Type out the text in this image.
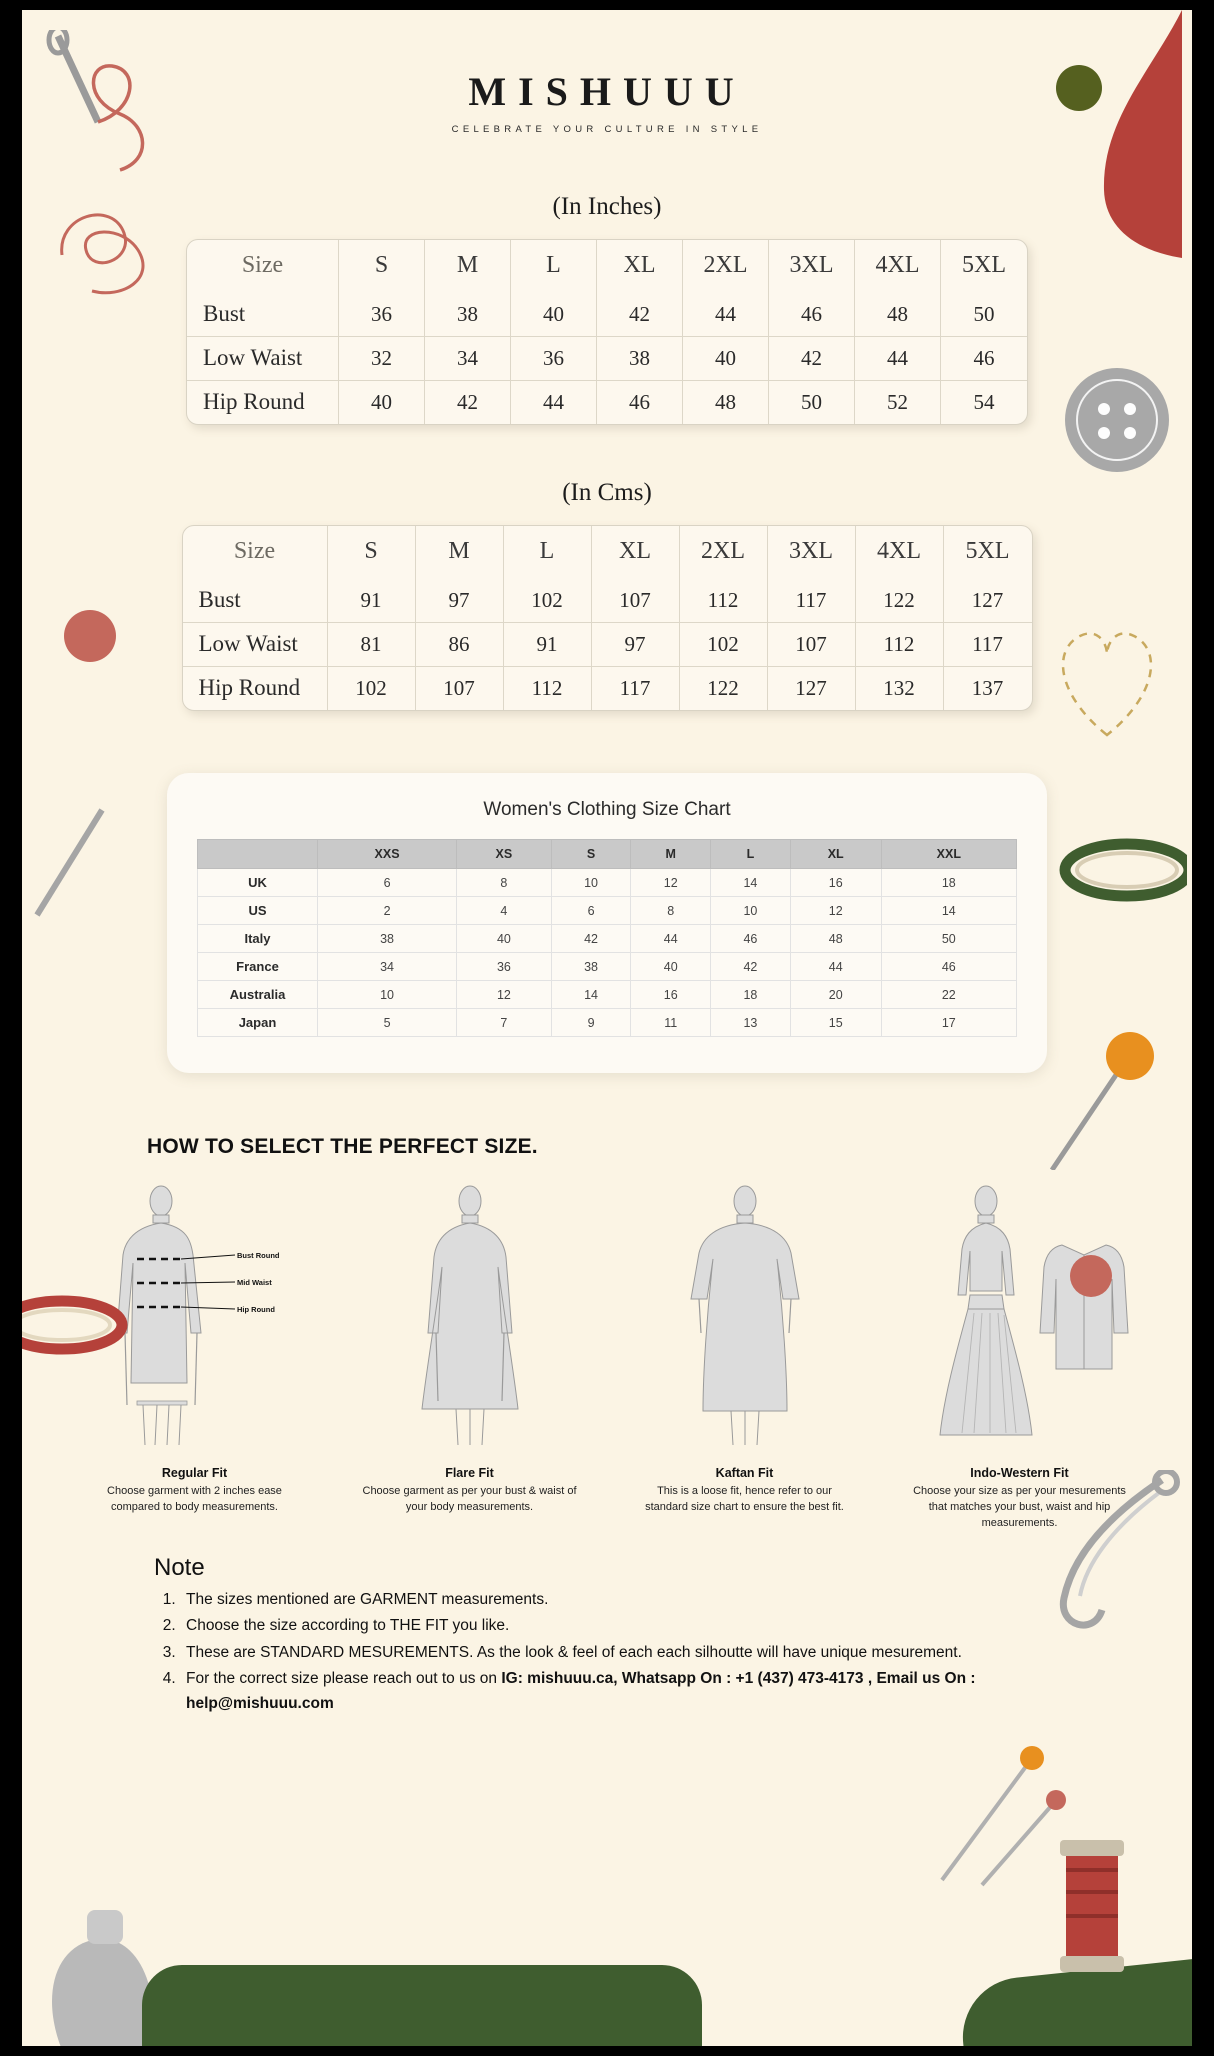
MISHUUU
CELEBRATE YOUR CULTURE IN STYLE
(In Inches)
Size	S	M	L	XL	2XL	3XL	4XL	5XL
Bust	36	38	40	42	44	46	48	50
Low Waist	32	34	36	38	40	42	44	46
Hip Round	40	42	44	46	48	50	52	54
(In Cms)
Size	S	M	L	XL	2XL	3XL	4XL	5XL
Bust	91	97	102	107	112	117	122	127
Low Waist	81	86	91	97	102	107	112	117
Hip Round	102	107	112	117	122	127	132	137
Women's Clothing Size Chart
	XXS	XS	S	M	L	XL	XXL
UK	6	8	10	12	14	16	18
US	2	4	6	8	10	12	14
Italy	38	40	42	44	46	48	50
France	34	36	38	40	42	44	46
Australia	10	12	14	16	18	20	22
Japan	5	7	9	11	13	15	17
HOW TO SELECT THE PERFECT SIZE.
Bust Round
Mid Waist
Hip Round
Regular Fit
Choose garment with 2 inches ease compared to body measurements.
Flare Fit
Choose garment as per your bust & waist of your body measurements.
Kaftan Fit
This is a loose fit, hence refer to our standard size chart to ensure the best fit.
Indo-Western Fit
Choose your size as per your mesurements that matches your bust, waist and hip measurements.
Note
1. The sizes mentioned are GARMENT measurements.
2. Choose the size according to THE FIT you like.
3. These are STANDARD MESUREMENTS. As the look & feel of each each silhoutte will have unique mesurement.
4. For the correct size please reach out to us on IG: mishuuu.ca, Whatsapp On : +1 (437) 473-4173 , Email us On : help@mishuuu.com
